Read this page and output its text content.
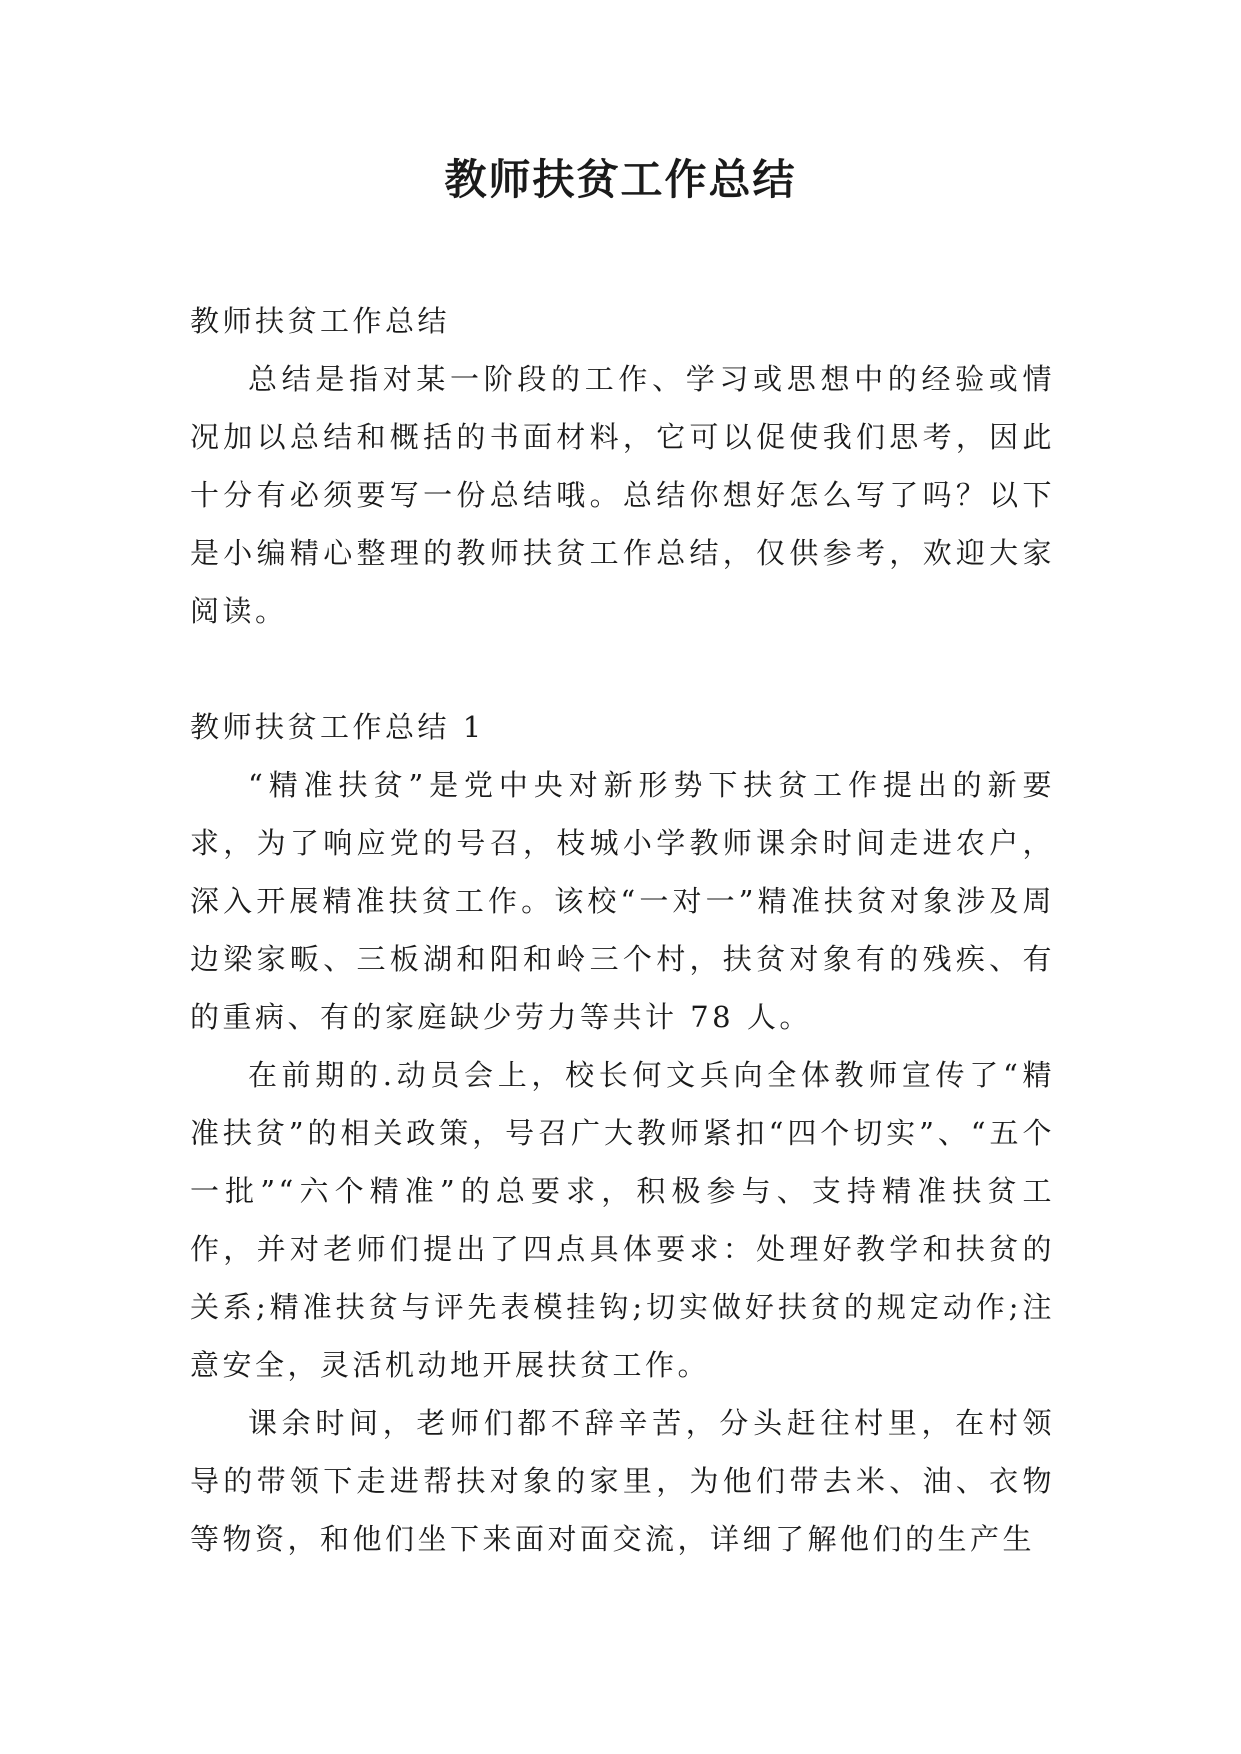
教师扶贫工作总结

教师扶贫工作总结

总结是指对某一阶段的工作、学习或思想中的经验或情况加以总结和概括的书面材料，它可以促使我们思考，因此十分有必须要写一份总结哦。总结你想好怎么写了吗？以下是小编精心整理的教师扶贫工作总结，仅供参考，欢迎大家阅读。

教师扶贫工作总结 1

“精准扶贫”是党中央对新形势下扶贫工作提出的新要求，为了响应党的号召，枝城小学教师课余时间走进农户，深入开展精准扶贫工作。该校“一对一”精准扶贫对象涉及周边梁家畈、三板湖和阳和岭三个村，扶贫对象有的残疾、有的重病、有的家庭缺少劳力等共计 78 人。

在前期的.动员会上，校长何文兵向全体教师宣传了“精准扶贫”的相关政策，号召广大教师紧扣“四个切实”、“五个一批”“六个精准”的总要求，积极参与、支持精准扶贫工作，并对老师们提出了四点具体要求：处理好教学和扶贫的关系;精准扶贫与评先表模挂钩;切实做好扶贫的规定动作;注意安全，灵活机动地开展扶贫工作。

课余时间，老师们都不辞辛苦，分头赶往村里，在村领导的带领下走进帮扶对象的家里，为他们带去米、油、衣物等物资，和他们坐下来面对面交流，详细了解他们的生产生
